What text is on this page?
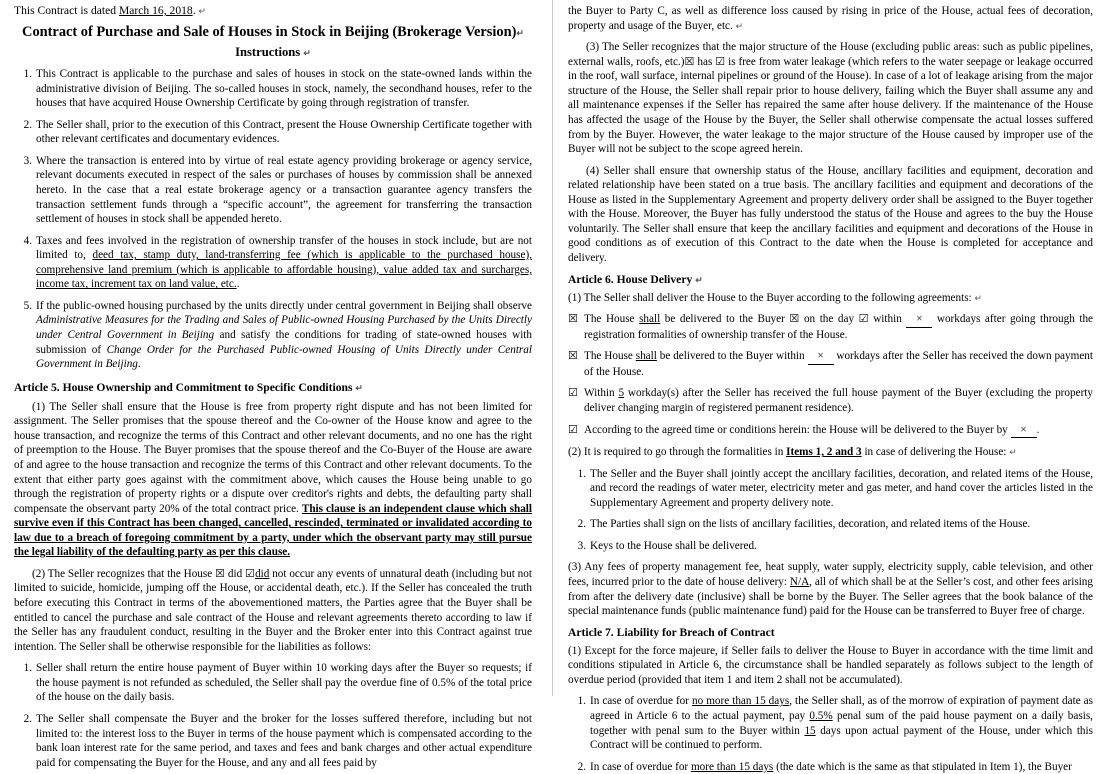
This Contract is dated March 16, 2018. ↵

Contract of Purchase and Sale of Houses in Stock in Beijing (Brokerage Version)↵
Instructions ↵
1. This Contract is applicable to the purchase and sales of houses in stock on the state-owned lands within the administrative division of Beijing. The so-called houses in stock, namely, the secondhand houses, refer to the houses that have acquired House Ownership Certificate by going through registration of transfer.
2. The Seller shall, prior to the execution of this Contract, present the House Ownership Certificate together with other relevant certificates and documentary evidences.
3. Where the transaction is entered into by virtue of real estate agency providing brokerage or agency service, relevant documents executed in respect of the sales or purchases of houses by commission shall be annexed hereto. In the case that a real estate brokerage agency or a transaction guarantee agency transfers the transaction settlement funds through a “specific account”, the agreement for transferring the transaction settlement of houses in stock shall be appended hereto.
4. Taxes and fees involved in the registration of ownership transfer of the houses in stock include, but are not limited to, deed tax, stamp duty, land-transferring fee (which is applicable to the purchased house), comprehensive land premium (which is applicable to affordable housing), value added tax and surcharges, income tax, increment tax on land value, etc..
5. If the public-owned housing purchased by the units directly under central government in Beijing shall observe Administrative Measures for the Trading and Sales of Public-owned Housing Purchased by the Units Directly under Central Government in Beijing and satisfy the conditions for trading of state-owned houses with submission of Change Order for the Purchased Public-owned Housing of Units Directly under Central Government in Beijing.
Article 5. House Ownership and Commitment to Specific Conditions ↵

(1) The Seller shall ensure that the House is free from property right dispute and has not been limited for assignment. The Seller promises that the spouse thereof and the Co-owner of the House know and agree to the house transaction, and recognize the terms of this Contract and other relevant documents, and no one has the right of preemption to the House. The Buyer promises that the spouse thereof and the Co-Buyer of the House are aware of and agree to the house transaction and recognize the terms of this Contract and other relevant documents. To the extent that either party goes against with the commitment above, which causes the House being unable to go through the registration of property rights or a dispute over creditor's rights and debts, the defaulting party shall compensate the observant party 20% of the total contract price. This clause is an independent clause which shall survive even if this Contract has been changed, cancelled, rescinded, terminated or invalidated according to law due to a breach of foregoing commitment by a party, under which the observant party may still pursue the legal liability of the defaulting party as per this clause.

(2) The Seller recognizes that the House ☒ did ☑did not occur any events of unnatural death (including but not limited to suicide, homicide, jumping off the House, or accidental death, etc.). If the Seller has concealed the truth before executing this Contract in terms of the abovementioned matters, the Parties agree that the Buyer shall be entitled to cancel the purchase and sale contract of the House and relevant agreements thereto according to law if the Seller has any fraudulent conduct, resulting in the Buyer and the Broker enter into this Contract against true intention. The Seller shall be otherwise responsible for the liabilities as follows:

1. Seller shall return the entire house payment of Buyer within 10 working days after the Buyer so requests; if the house payment is not refunded as scheduled, the Seller shall pay the overdue fine of 0.5% of the total price of the house on the daily basis.
2. The Seller shall compensate the Buyer and the broker for the losses suffered therefore, including but not limited to: the interest loss to the Buyer in terms of the house payment which is compensated according to the bank loan interest rate for the same period, and taxes and fees and bank charges and other actual expenditure paid for compensating the Buyer for the House, and any and all fees paid by

the Buyer to Party C, as well as difference loss caused by rising in price of the House, actual fees of decoration, property and usage of the Buyer, etc. ↵

(3) The Seller recognizes that the major structure of the House (excluding public areas: such as public pipelines, external walls, roofs, etc.)☒ has ☑ is free from water leakage (which refers to the water seepage or leakage occurred in the roof, wall surface, internal pipelines or ground of the House). In case of a lot of leakage arising from the major structure of the House, the Seller shall repair prior to house delivery, failing which the Buyer shall assume any and all maintenance expenses if the Seller has repaired the same after house delivery. If the maintenance of the House has affected the usage of the House by the Buyer, the Seller shall otherwise compensate the actual losses suffered from by the Buyer. However, the water leakage to the major structure of the House caused by improper use of the Buyer will not be subject to the scope agreed herein.

(4) Seller shall ensure that ownership status of the House, ancillary facilities and equipment, decoration and related relationship have been stated on a true basis. The ancillary facilities and equipment and decorations of the House as listed in the Supplementary Agreement and property delivery order shall be assigned to the Buyer together with the House. Moreover, the Buyer has fully understood the status of the House and agrees to the buy the House voluntarily. The Seller shall ensure that keep the ancillary facilities and equipment and decorations of the House in good conditions as of execution of this Contract to the date when the House is completed for acceptance and delivery.

Article 6. House Delivery ↵

(1) The Seller shall deliver the House to the Buyer according to the following agreements: ↵

☒ The House shall be delivered to the Buyer ☒ on the day ☑ within × workdays after going through the registration formalities of ownership transfer of the House.
☒ The House shall be delivered to the Buyer within × workdays after the Seller has received the down payment of the House.
☑ Within 5 workday(s) after the Seller has received the full house payment of the Buyer (excluding the property deliver changing margin of registered permanent residence).
☑ According to the agreed time or conditions herein: the House will be delivered to the Buyer by × .

(2) It is required to go through the formalities in Items 1, 2 and 3 in case of delivering the House: ↵

1. The Seller and the Buyer shall jointly accept the ancillary facilities, decoration, and related items of the House, and record the readings of water meter, electricity meter and gas meter, and hand cover the articles listed in the Supplementary Agreement and property delivery note.
2. The Parties shall sign on the lists of ancillary facilities, decoration, and related items of the House.
3. Keys to the House shall be delivered.

(3) Any fees of property management fee, heat supply, water supply, electricity supply, cable television, and other fees, incurred prior to the date of house delivery: N/A, all of which shall be at the Seller’s cost, and other fees arising from after the delivery date (inclusive) shall be borne by the Buyer. The Seller agrees that the book balance of the special maintenance funds (public maintenance fund) paid for the House can be transferred to Buyer free of charge.

Article 7. Liability for Breach of Contract

(1) Except for the force majeure, if Seller fails to deliver the House to Buyer in accordance with the time limit and conditions stipulated in Article 6, the circumstance shall be handled separately as follows subject to the length of overdue period (provided that item 1 and item 2 shall not be accumulated).

1. In case of overdue for no more than 15 days, the Seller shall, as of the morrow of expiration of payment date as agreed in Article 6 to the actual payment, pay 0.5% penal sum of the paid house payment on a daily basis, together with penal sum to the Buyer within 15 days upon actual payment of the House, under which this Contract will be continued to perform.
2. In case of overdue for more than 15 days (the date which is the same as that stipulated in Item 1), the Buyer
